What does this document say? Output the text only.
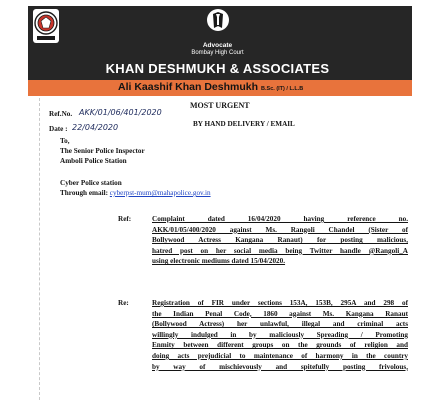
Advocate
Bombay High Court
KHAN DESHMUKH & ASSOCIATES
Ali Kaashif Khan Deshmukh B.Sc. (IT) / L.L.B
MOST URGENT
Ref.No. AKK/01/06/401/2020
BY HAND DELIVERY / EMAIL
Date : 22/04/2020
To,
The Senior Police Inspector
Amboli Police Station
Cyber Police station
Through email: cyberpst-mum@mahapolice.gov.in
Ref:	Complaint dated 16/04/2020 having reference no.
AKK/01/05/400/2020 against Ms. Rangoli Chandel (Sister of
Bollywood Actress Kangana Ranaut) for posting malicious,
hatred post on her social media being Twitter handle @Rangoli_A
using electronic mediums dated 15/04/2020.
Re:	Registration of FIR under sections 153A, 153B, 295A and 298 of
the Indian Penal Code, 1860 against Ms. Kangana Ranaut
(Bollywood Actress) her unlawful, illegal and criminal acts
willingly indulged in by maliciously Spreading / Promoting
Enmity between different groups on the grounds of religion and
doing acts prejudicial to maintenance of harmony in the country
by way of mischievously and spitefully posting frivolous,
